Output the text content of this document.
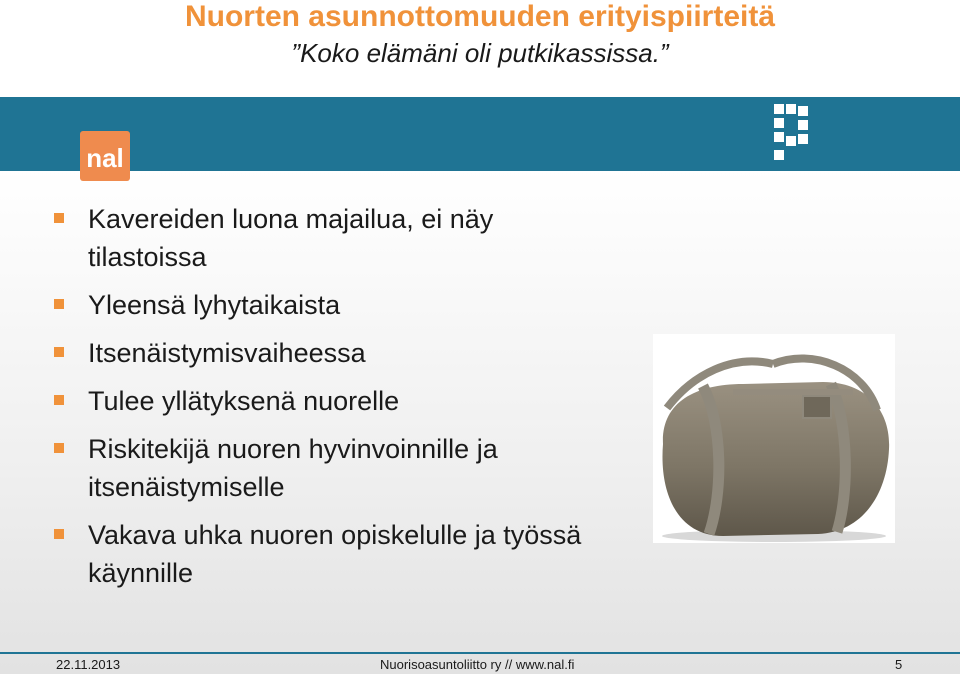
Nuorten asunnottomuuden erityispiirteitä
”Koko elämäni oli putkikassissa.”
nal
Kavereiden luona majailua, ei näy tilastoissa
Yleensä lyhytaikaista
Itsenäistymisvaiheessa
Tulee yllätyksenä nuorelle
Riskitekijä nuoren hyvinvoinnille ja itsenäistymiselle
Vakava uhka nuoren opiskelulle ja työssä käynnille
22.11.2013	Nuorisoasuntoliitto ry // www.nal.fi	5
